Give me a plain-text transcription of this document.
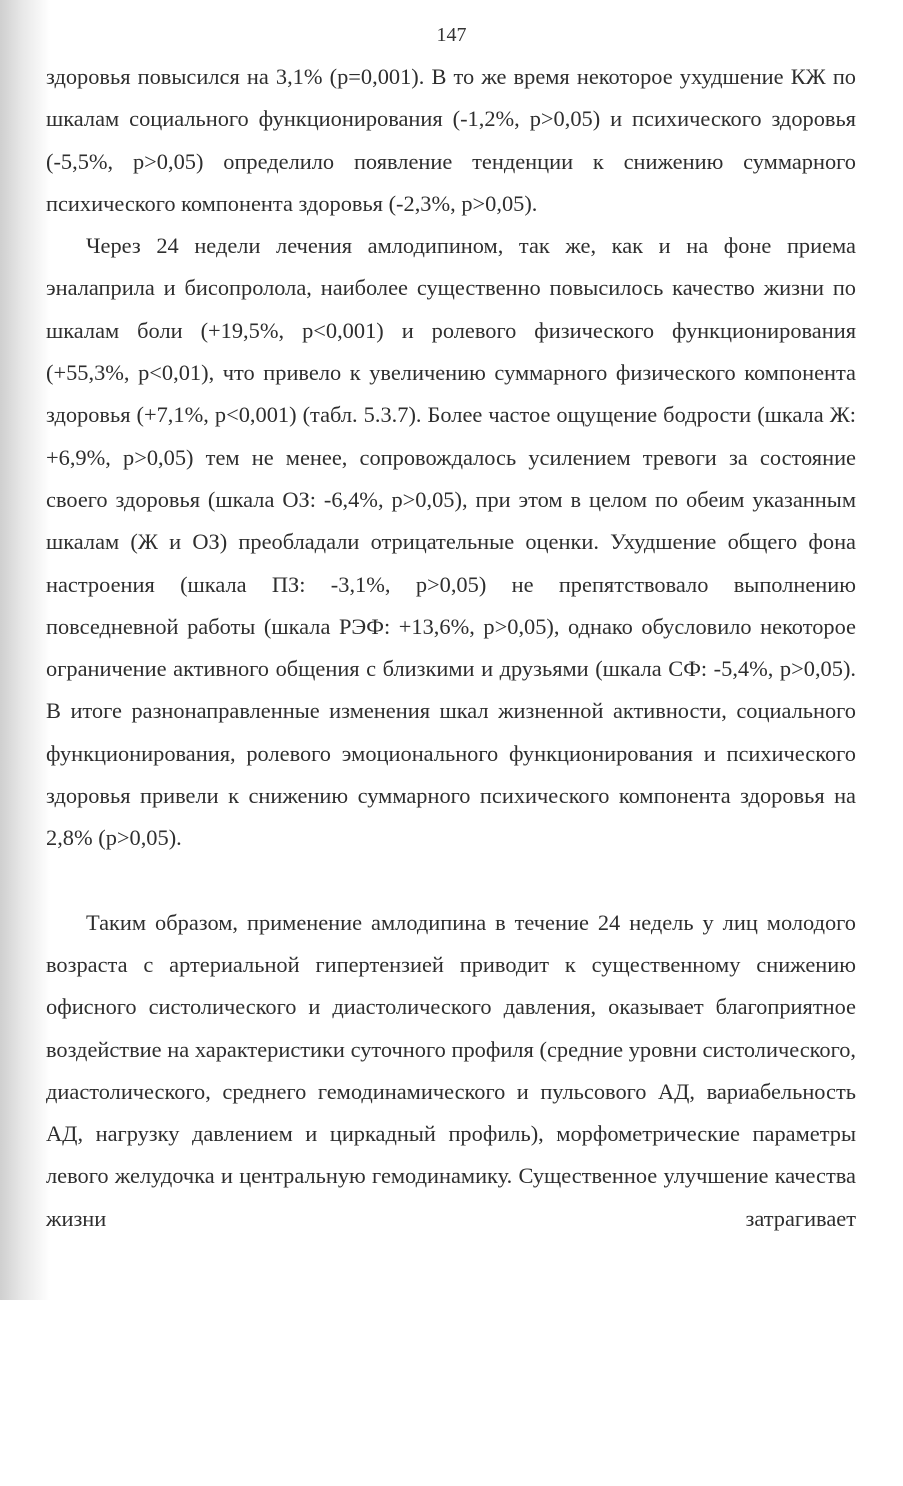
147

здоровья повысился на 3,1% (р=0,001). В то же время некоторое ухудшение КЖ по шкалам социального функционирования (-1,2%, р>0,05) и психического здоровья (-5,5%, р>0,05) определило появление тенденции к снижению суммарного психического компонента здоровья (-2,3%, р>0,05).

Через 24 недели лечения амлодипином, так же, как и на фоне приема эналаприла и бисопролола, наиболее существенно повысилось качество жизни по шкалам боли (+19,5%, р<0,001) и ролевого физического функционирования (+55,3%, р<0,01), что привело к увеличению суммарного физического компонента здоровья (+7,1%, р<0,001) (табл. 5.3.7). Более частое ощущение бодрости (шкала Ж: +6,9%, р>0,05) тем не менее, сопровождалось усилением тревоги за состояние своего здоровья (шкала ОЗ: -6,4%, р>0,05), при этом в целом по обеим указанным шкалам (Ж и ОЗ) преобладали отрицательные оценки. Ухудшение общего фона настроения (шкала ПЗ: -3,1%, р>0,05) не препятствовало выполнению повседневной работы (шкала РЭФ: +13,6%, р>0,05), однако обусловило некоторое ограничение активного общения с близкими и друзьями (шкала СФ: -5,4%, р>0,05). В итоге разнонаправленные изменения шкал жизненной активности, социального функционирования, ролевого эмоционального функционирования и психического здоровья привели к снижению суммарного психического компонента здоровья на 2,8% (р>0,05).

Таким образом, применение амлодипина в течение 24 недель у лиц молодого возраста с артериальной гипертензией приводит к существенному снижению офисного систолического и диастолического давления, оказывает благоприятное воздействие на характеристики суточного профиля (средние уровни систолического, диастолического, среднего гемодинамического и пульсового АД, вариабельность АД, нагрузку давлением и циркадный профиль), морфометрические параметры левого желудочка и центральную гемодинамику. Существенное улучшение качества жизни затрагивает
